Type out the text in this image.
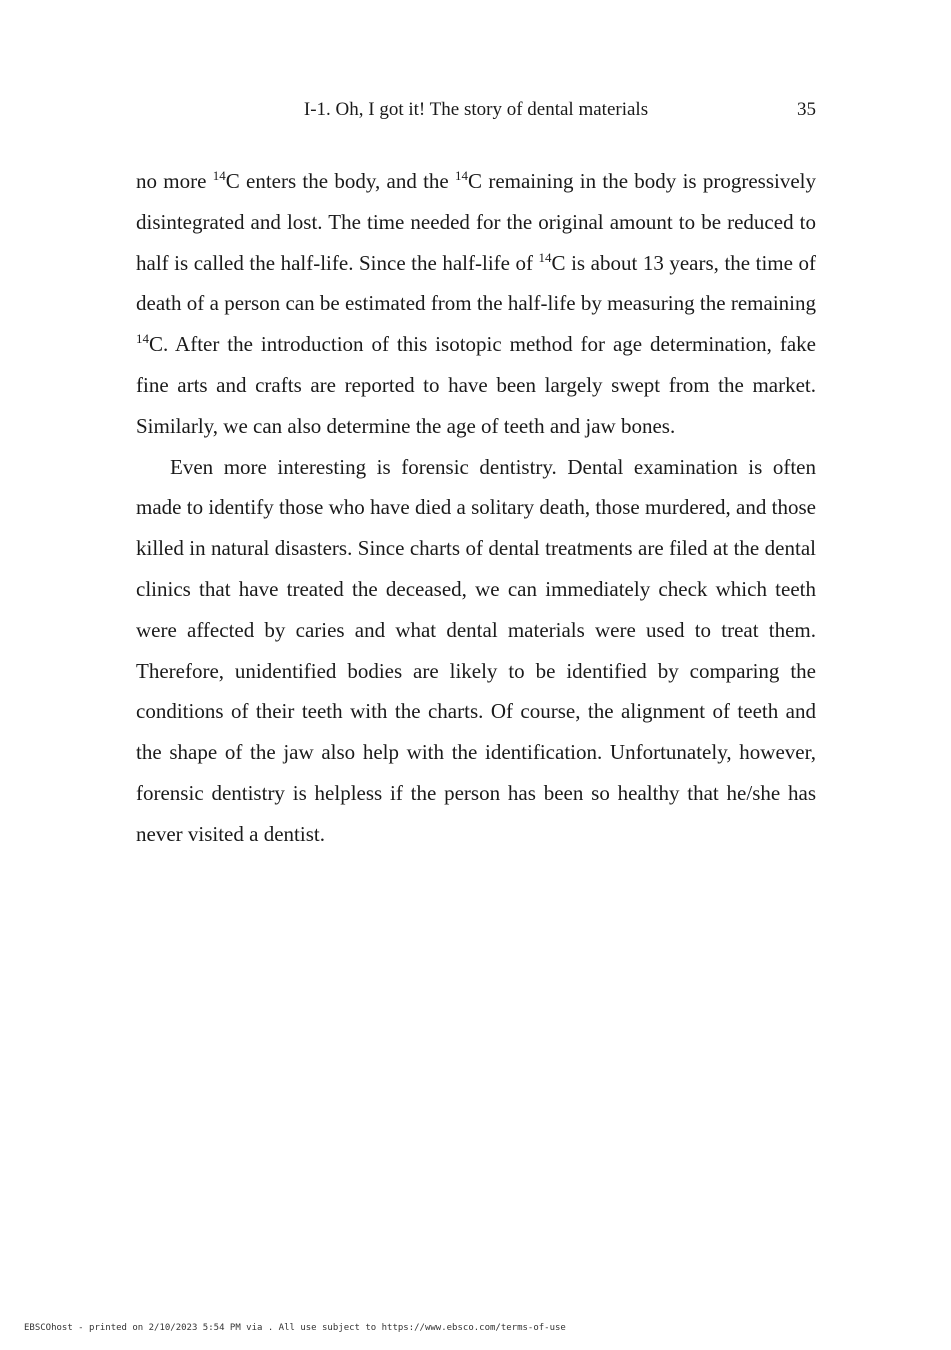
I-1. Oh, I got it! The story of dental materials	35

no more $^{14}$C enters the body, and the $^{14}$C remaining in the body is progressively disintegrated and lost. The time needed for the original amount to be reduced to half is called the half-life. Since the half-life of $^{14}$C is about 13 years, the time of death of a person can be estimated from the half-life by measuring the remaining $^{14}$C. After the introduction of this isotopic method for age determination, fake fine arts and crafts are reported to have been largely swept from the market. Similarly, we can also determine the age of teeth and jaw bones.

Even more interesting is forensic dentistry. Dental examination is often made to identify those who have died a solitary death, those murdered, and those killed in natural disasters. Since charts of dental treatments are filed at the dental clinics that have treated the deceased, we can immediately check which teeth were affected by caries and what dental materials were used to treat them. Therefore, unidentified bodies are likely to be identified by comparing the conditions of their teeth with the charts. Of course, the alignment of teeth and the shape of the jaw also help with the identification. Unfortunately, however, forensic dentistry is helpless if the person has been so healthy that he/she has never visited a dentist.

EBSCOhost - printed on 2/10/2023 5:54 PM via . All use subject to https://www.ebsco.com/terms-of-use
